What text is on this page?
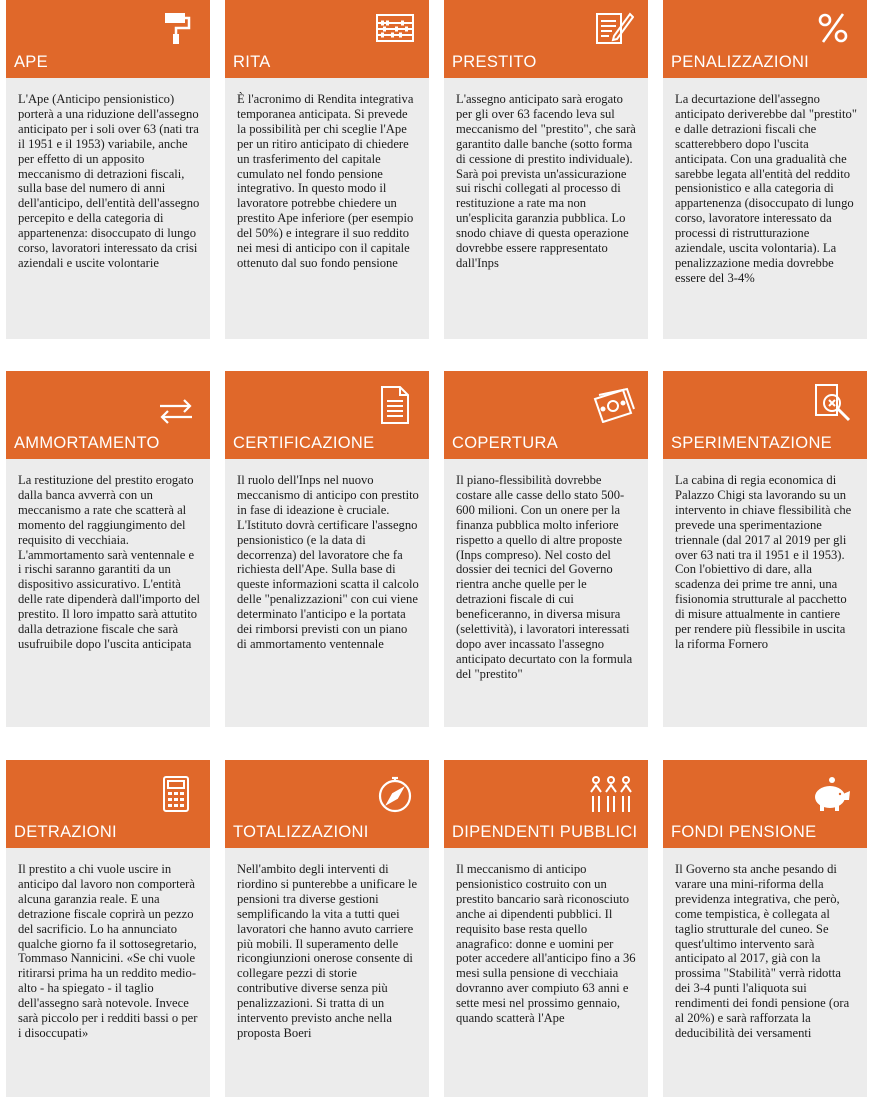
APE
L'Ape (Anticipo pensionistico) porterà a una riduzione dell'assegno anticipato per i soli over 63 (nati tra il 1951 e il 1953) variabile, anche per effetto di un apposito meccanismo di detrazioni fiscali, sulla base del numero di anni dell'anticipo, dell'entità dell'assegno percepito e della categoria di appartenenza: disoccupato di lungo corso, lavoratori interessato da crisi aziendali e uscite volontarie
RITA
È l'acronimo di Rendita integrativa temporanea anticipata. Si prevede la possibilità per chi sceglie l'Ape per un ritiro anticipato di chiedere un trasferimento del capitale cumulato nel fondo pensione integrativo. In questo modo il lavoratore potrebbe chiedere un prestito Ape inferiore (per esempio del 50%) e integrare il suo reddito nei mesi di anticipo con il capitale ottenuto dal suo fondo pensione
PRESTITO
L'assegno anticipato sarà erogato per gli over 63 facendo leva sul meccanismo del "prestito", che sarà garantito dalle banche (sotto forma di cessione di prestito individuale). Sarà poi prevista un'assicurazione sui rischi collegati al processo di restituzione a rate ma non un'esplicita garanzia pubblica. Lo snodo chiave di questa operazione dovrebbe essere rappresentato dall'Inps
PENALIZZAZIONI
La decurtazione dell'assegno anticipato deriverebbe dal "prestito" e dalle detrazioni fiscali che scatterebbero dopo l'uscita anticipata. Con una gradualità che sarebbe legata all'entità del reddito pensionistico e alla categoria di appartenenza (disoccupato di lungo corso, lavoratore interessato da processi di ristrutturazione aziendale, uscita volontaria). La penalizzazione media dovrebbe essere del 3-4%
AMMORTAMENTO
La restituzione del prestito erogato dalla banca avverrà con un meccanismo a rate che scatterà al momento del raggiungimento del requisito di vecchiaia. L'ammortamento sarà ventennale e i rischi saranno garantiti da un dispositivo assicurativo. L'entità delle rate dipenderà dall'importo del prestito. Il loro impatto sarà attutito dalla detrazione fiscale che sarà usufruibile dopo l'uscita anticipata
CERTIFICAZIONE
Il ruolo dell'Inps nel nuovo meccanismo di anticipo con prestito in fase di ideazione è cruciale. L'Istituto dovrà certificare l'assegno pensionistico (e la data di decorrenza) del lavoratore che fa richiesta dell'Ape. Sulla base di queste informazioni scatta il calcolo delle "penalizzazioni" con cui viene determinato l'anticipo e la portata dei rimborsi previsti con un piano di ammortamento ventennale
COPERTURA
Il piano-flessibilità dovrebbe costare alle casse dello stato 500-600 milioni. Con un onere per la finanza pubblica molto inferiore rispetto a quello di altre proposte (Inps compreso). Nel costo del dossier dei tecnici del Governo rientra anche quelle per le detrazioni fiscale di cui beneficeranno, in diversa misura (selettività), i lavoratori interessati dopo aver incassato l'assegno anticipato decurtato con la formula del "prestito"
SPERIMENTAZIONE
La cabina di regia economica di Palazzo Chigi sta lavorando su un intervento in chiave flessibilità che prevede una sperimentazione triennale (dal 2017 al 2019 per gli over 63 nati tra il 1951 e il 1953). Con l'obiettivo di dare, alla scadenza dei prime tre anni, una fisionomia strutturale al pacchetto di misure attualmente in cantiere per rendere più flessibile in uscita la riforma Fornero
DETRAZIONI
Il prestito a chi vuole uscire in anticipo dal lavoro non comporterà alcuna garanzia reale. E una detrazione fiscale coprirà un pezzo del sacrificio. Lo ha annunciato qualche giorno fa il sottosegretario, Tommaso Nannicini. «Se chi vuole ritirarsi prima ha un reddito medio-alto - ha spiegato - il taglio dell'assegno sarà notevole. Invece sarà piccolo per i redditi bassi o per i disoccupati»
TOTALIZZAZIONI
Nell'ambito degli interventi di riordino si punterebbe a unificare le pensioni tra diverse gestioni semplificando la vita a tutti quei lavoratori che hanno avuto carriere più mobili. Il superamento delle ricongiunzioni onerose consente di collegare pezzi di storie contributive diverse senza più penalizzazioni. Si tratta di un intervento previsto anche nella proposta Boeri
DIPENDENTI PUBBLICI
Il meccanismo di anticipo pensionistico costruito con un prestito bancario sarà riconosciuto anche ai dipendenti pubblici. Il requisito base resta quello anagrafico: donne e uomini per poter accedere all'anticipo fino a 36 mesi sulla pensione di vecchiaia dovranno aver compiuto 63 anni e sette mesi nel prossimo gennaio, quando scatterà l'Ape
FONDI PENSIONE
Il Governo sta anche pesando di varare una mini-riforma della previdenza integrativa, che però, come tempistica, è collegata al taglio strutturale del cuneo. Se quest'ultimo intervento sarà anticipato al 2017, già con la prossima "Stabilità" verrà ridotta dei 3-4 punti l'aliquota sui rendimenti dei fondi pensione (ora al 20%) e sarà rafforzata la deducibilità dei versamenti
